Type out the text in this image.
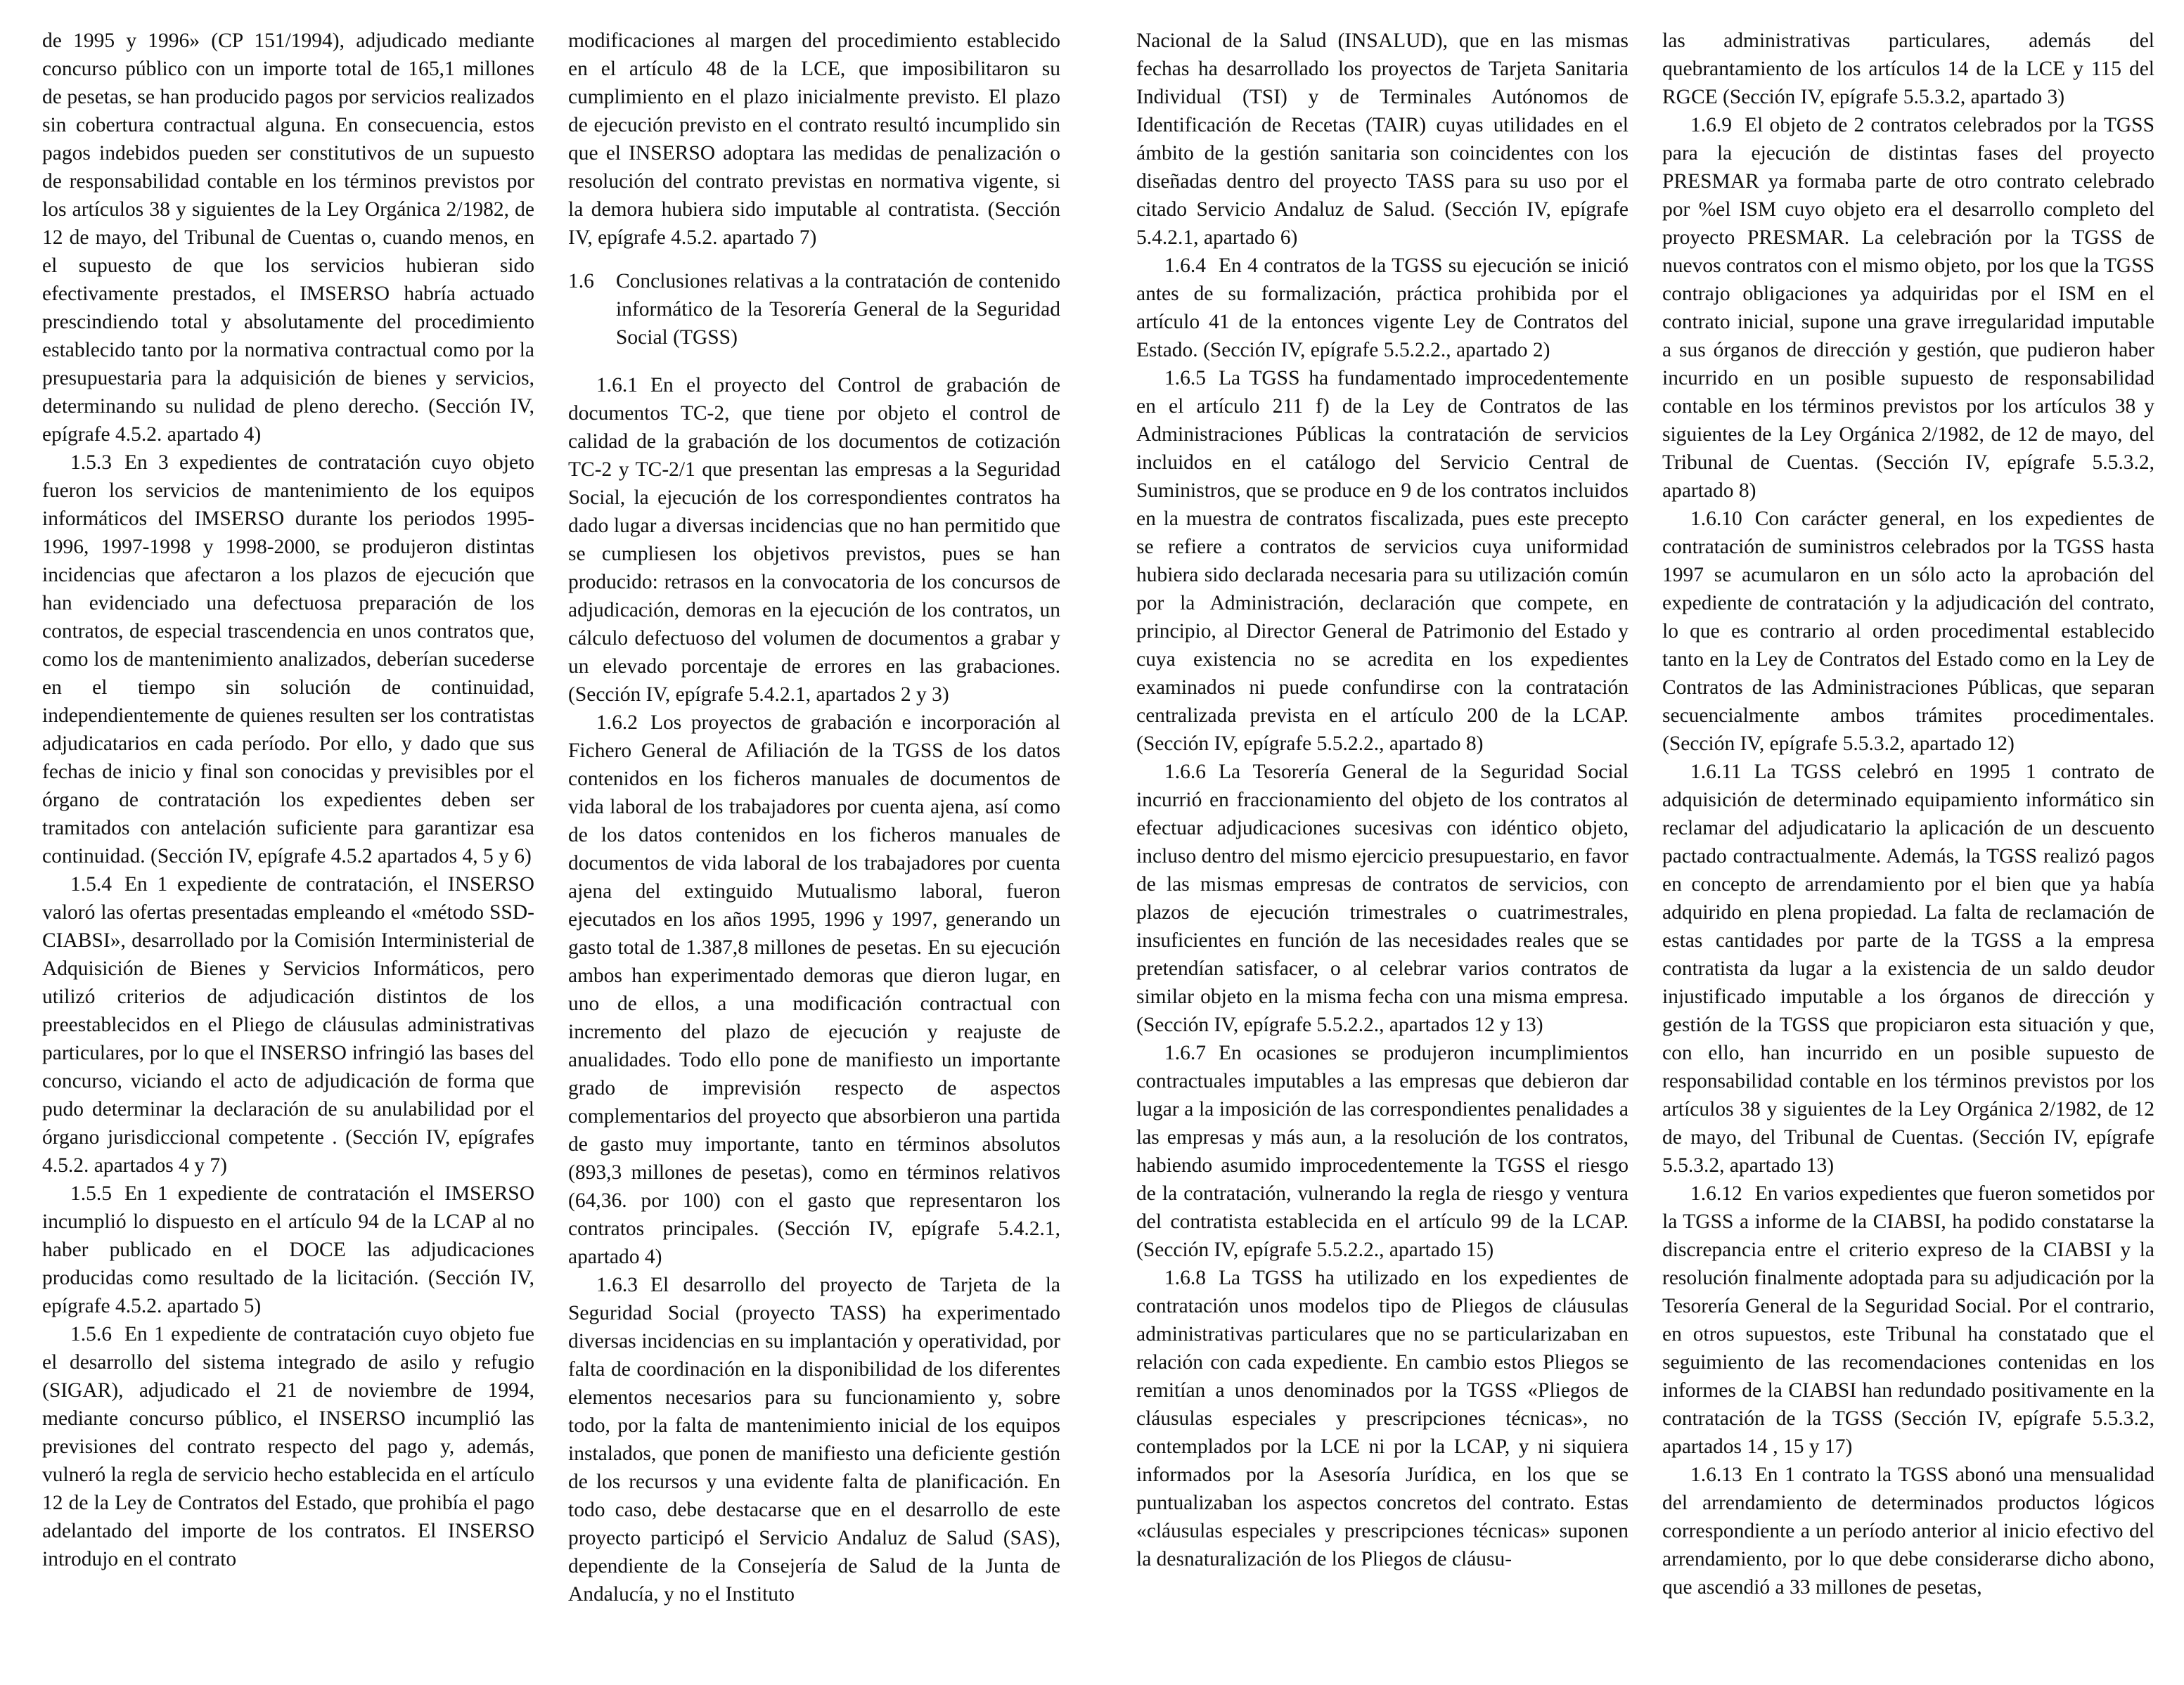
de 1995 y 1996» (CP 151/1994), adjudicado mediante concurso público con un importe total de 165,1 millones de pesetas, se han producido pagos por servicios realizados sin cobertura contractual alguna. En consecuencia, estos pagos indebidos pueden ser constitutivos de un supuesto de responsabilidad contable en los términos previstos por los artículos 38 y siguientes de la Ley Orgánica 2/1982, de 12 de mayo, del Tribunal de Cuentas o, cuando menos, en el supuesto de que los servicios hubieran sido efectivamente prestados, el IMSERSO habría actuado prescindiendo total y absolutamente del procedimiento establecido tanto por la normativa contractual como por la presupuestaria para la adquisición de bienes y servicios, determinando su nulidad de pleno derecho. (Sección IV, epígrafe 4.5.2. apartado 4)

1.5.3 En 3 expedientes de contratación cuyo objeto fueron los servicios de mantenimiento de los equipos informáticos del IMSERSO durante los periodos 1995-1996, 1997-1998 y 1998-2000, se produjeron distintas incidencias que afectaron a los plazos de ejecución que han evidenciado una defectuosa preparación de los contratos, de especial trascendencia en unos contratos que, como los de mantenimiento analizados, deberían sucederse en el tiempo sin solución de continuidad, independientemente de quienes resulten ser los contratistas adjudicatarios en cada período. Por ello, y dado que sus fechas de inicio y final son conocidas y previsibles por el órgano de contratación los expedientes deben ser tramitados con antelación suficiente para garantizar esa continuidad. (Sección IV, epígrafe 4.5.2 apartados 4, 5 y 6)

1.5.4 En 1 expediente de contratación, el INSERSO valoró las ofertas presentadas empleando el «método SSD-CIABSI», desarrollado por la Comisión Interministerial de Adquisición de Bienes y Servicios Informáticos, pero utilizó criterios de adjudicación distintos de los preestablecidos en el Pliego de cláusulas administrativas particulares, por lo que el INSERSO infringió las bases del concurso, viciando el acto de adjudicación de forma que pudo determinar la declaración de su anulabilidad por el órgano jurisdiccional competente . (Sección IV, epígrafes 4.5.2. apartados 4 y 7)

1.5.5 En 1 expediente de contratación el IMSERSO incumplió lo dispuesto en el artículo 94 de la LCAP al no haber publicado en el DOCE las adjudicaciones producidas como resultado de la licitación. (Sección IV, epígrafe 4.5.2. apartado 5)

1.5.6 En 1 expediente de contratación cuyo objeto fue el desarrollo del sistema integrado de asilo y refugio (SIGAR), adjudicado el 21 de noviembre de 1994, mediante concurso público, el INSERSO incumplió las previsiones del contrato respecto del pago y, además, vulneró la regla de servicio hecho establecida en el artículo 12 de la Ley de Contratos del Estado, que prohibía el pago adelantado del importe de los contratos. El INSERSO introdujo en el contrato

modificaciones al margen del procedimiento establecido en el artículo 48 de la LCE, que imposibilitaron su cumplimiento en el plazo inicialmente previsto. El plazo de ejecución previsto en el contrato resultó incumplido sin que el INSERSO adoptara las medidas de penalización o resolución del contrato previstas en normativa vigente, si la demora hubiera sido imputable al contratista. (Sección IV, epígrafe 4.5.2. apartado 7)

1.6	Conclusiones relativas a la contratación de contenido informático de la Tesorería General de la Seguridad Social (TGSS)

1.6.1 En el proyecto del Control de grabación de documentos TC-2, que tiene por objeto el control de calidad de la grabación de los documentos de cotización TC-2 y TC-2/1 que presentan las empresas a la Seguridad Social, la ejecución de los correspondientes contratos ha dado lugar a diversas incidencias que no han permitido que se cumpliesen los objetivos previstos, pues se han producido: retrasos en la convocatoria de los concursos de adjudicación, demoras en la ejecución de los contratos, un cálculo defectuoso del volumen de documentos a grabar y un elevado porcentaje de errores en las grabaciones. (Sección IV, epígrafe 5.4.2.1, apartados 2 y 3)

1.6.2 Los proyectos de grabación e incorporación al Fichero General de Afiliación de la TGSS de los datos contenidos en los ficheros manuales de documentos de vida laboral de los trabajadores por cuenta ajena, así como de los datos contenidos en los ficheros manuales de documentos de vida laboral de los trabajadores por cuenta ajena del extinguido Mutualismo laboral, fueron ejecutados en los años 1995, 1996 y 1997, generando un gasto total de 1.387,8 millones de pesetas. En su ejecución ambos han experimentado demoras que dieron lugar, en uno de ellos, a una modificación contractual con incremento del plazo de ejecución y reajuste de anualidades. Todo ello pone de manifiesto un importante grado de imprevisión respecto de aspectos complementarios del proyecto que absorbieron una partida de gasto muy importante, tanto en términos absolutos (893,3 millones de pesetas), como en términos relativos (64,36. por 100) con el gasto que representaron los contratos principales. (Sección IV, epígrafe 5.4.2.1, apartado 4)

1.6.3 El desarrollo del proyecto de Tarjeta de la Seguridad Social (proyecto TASS) ha experimentado diversas incidencias en su implantación y operatividad, por falta de coordinación en la disponibilidad de los diferentes elementos necesarios para su funcionamiento y, sobre todo, por la falta de mantenimiento inicial de los equipos instalados, que ponen de manifiesto una deficiente gestión de los recursos y una evidente falta de planificación. En todo caso, debe destacarse que en el desarrollo de este proyecto participó el Servicio Andaluz de Salud (SAS), dependiente de la Consejería de Salud de la Junta de Andalucía, y no el Instituto

Nacional de la Salud (INSALUD), que en las mismas fechas ha desarrollado los proyectos de Tarjeta Sanitaria Individual (TSI) y de Terminales Autónomos de Identificación de Recetas (TAIR) cuyas utilidades en el ámbito de la gestión sanitaria son coincidentes con los diseñadas dentro del proyecto TASS para su uso por el citado Servicio Andaluz de Salud. (Sección IV, epígrafe 5.4.2.1, apartado 6)

1.6.4 En 4 contratos de la TGSS su ejecución se inició antes de su formalización, práctica prohibida por el artículo 41 de la entonces vigente Ley de Contratos del Estado. (Sección IV, epígrafe 5.5.2.2., apartado 2)

1.6.5 La TGSS ha fundamentado improcedentemente en el artículo 211 f) de la Ley de Contratos de las Administraciones Públicas la contratación de servicios incluidos en el catálogo del Servicio Central de Suministros, que se produce en 9 de los contratos incluidos en la muestra de contratos fiscalizada, pues este precepto se refiere a contratos de servicios cuya uniformidad hubiera sido declarada necesaria para su utilización común por la Administración, declaración que compete, en principio, al Director General de Patrimonio del Estado y cuya existencia no se acredita en los expedientes examinados ni puede confundirse con la contratación centralizada prevista en el artículo 200 de la LCAP. (Sección IV, epígrafe 5.5.2.2., apartado 8)

1.6.6 La Tesorería General de la Seguridad Social incurrió en fraccionamiento del objeto de los contratos al efectuar adjudicaciones sucesivas con idéntico objeto, incluso dentro del mismo ejercicio presupuestario, en favor de las mismas empresas de contratos de servicios, con plazos de ejecución trimestrales o cuatrimestrales, insuficientes en función de las necesidades reales que se pretendían satisfacer, o al celebrar varios contratos de similar objeto en la misma fecha con una misma empresa. (Sección IV, epígrafe 5.5.2.2., apartados 12 y 13)

1.6.7 En ocasiones se produjeron incumplimientos contractuales imputables a las empresas que debieron dar lugar a la imposición de las correspondientes penalidades a las empresas y más aun, a la resolución de los contratos, habiendo asumido improcedentemente la TGSS el riesgo de la contratación, vulnerando la regla de riesgo y ventura del contratista establecida en el artículo 99 de la LCAP. (Sección IV, epígrafe 5.5.2.2., apartado 15)

1.6.8 La TGSS ha utilizado en los expedientes de contratación unos modelos tipo de Pliegos de cláusulas administrativas particulares que no se particularizaban en relación con cada expediente. En cambio estos Pliegos se remitían a unos denominados por la TGSS «Pliegos de cláusulas especiales y prescripciones técnicas», no contemplados por la LCE ni por la LCAP, y ni siquiera informados por la Asesoría Jurídica, en los que se puntualizaban los aspectos concretos del contrato. Estas «cláusulas especiales y prescripciones técnicas» suponen la desnaturalización de los Pliegos de cláusu-

las administrativas particulares, además del quebrantamiento de los artículos 14 de la LCE y 115 del RGCE (Sección IV, epígrafe 5.5.3.2, apartado 3)

1.6.9 El objeto de 2 contratos celebrados por la TGSS para la ejecución de distintas fases del proyecto PRESMAR ya formaba parte de otro contrato celebrado por %el ISM cuyo objeto era el desarrollo completo del proyecto PRESMAR. La celebración por la TGSS de nuevos contratos con el mismo objeto, por los que la TGSS contrajo obligaciones ya adquiridas por el ISM en el contrato inicial, supone una grave irregularidad imputable a sus órganos de dirección y gestión, que pudieron haber incurrido en un posible supuesto de responsabilidad contable en los términos previstos por los artículos 38 y siguientes de la Ley Orgánica 2/1982, de 12 de mayo, del Tribunal de Cuentas. (Sección IV, epígrafe 5.5.3.2, apartado 8)

1.6.10 Con carácter general, en los expedientes de contratación de suministros celebrados por la TGSS hasta 1997 se acumularon en un sólo acto la aprobación del expediente de contratación y la adjudicación del contrato, lo que es contrario al orden procedimental establecido tanto en la Ley de Contratos del Estado como en la Ley de Contratos de las Administraciones Públicas, que separan secuencialmente ambos trámites procedimentales. (Sección IV, epígrafe 5.5.3.2, apartado 12)

1.6.11 La TGSS celebró en 1995 1 contrato de adquisición de determinado equipamiento informático sin reclamar del adjudicatario la aplicación de un descuento pactado contractualmente. Además, la TGSS realizó pagos en concepto de arrendamiento por el bien que ya había adquirido en plena propiedad. La falta de reclamación de estas cantidades por parte de la TGSS a la empresa contratista da lugar a la existencia de un saldo deudor injustificado imputable a los órganos de dirección y gestión de la TGSS que propiciaron esta situación y que, con ello, han incurrido en un posible supuesto de responsabilidad contable en los términos previstos por los artículos 38 y siguientes de la Ley Orgánica 2/1982, de 12 de mayo, del Tribunal de Cuentas. (Sección IV, epígrafe 5.5.3.2, apartado 13)

1.6.12 En varios expedientes que fueron sometidos por la TGSS a informe de la CIABSI, ha podido constatarse la discrepancia entre el criterio expreso de la CIABSI y la resolución finalmente adoptada para su adjudicación por la Tesorería General de la Seguridad Social. Por el contrario, en otros supuestos, este Tribunal ha constatado que el seguimiento de las recomendaciones contenidas en los informes de la CIABSI han redundado positivamente en la contratación de la TGSS (Sección IV, epígrafe 5.5.3.2, apartados 14 , 15 y 17)

1.6.13 En 1 contrato la TGSS abonó una mensualidad del arrendamiento de determinados productos lógicos correspondiente a un período anterior al inicio efectivo del arrendamiento, por lo que debe considerarse dicho abono, que ascendió a 33 millones de pesetas,
